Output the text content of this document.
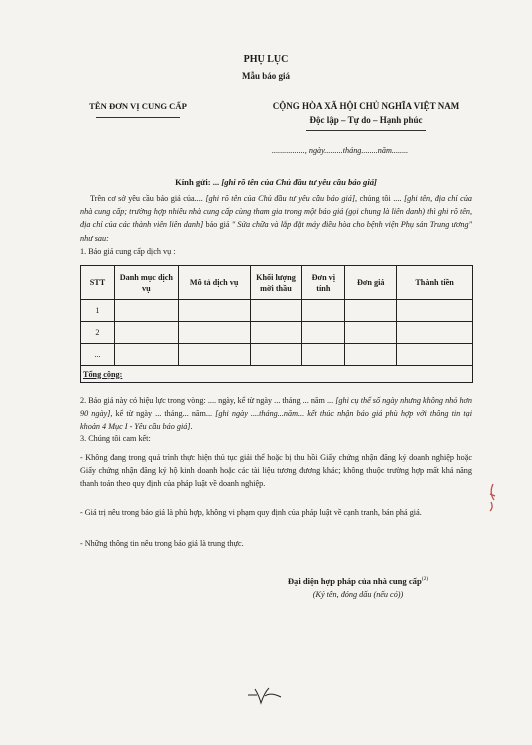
PHỤ LỤC
Mẫu báo giá
TÊN ĐƠN VỊ CUNG CẤP	CỘNG HÒA XÃ HỘI CHỦ NGHĨA VIỆT NAM
Độc lập – Tự do – Hạnh phúc
................, ngày.........tháng........năm........
Kính gửi: ... [ghi rõ tên của Chủ đầu tư yêu cầu báo giá]

Trên cơ sở yêu cầu báo giá của.... [ghi rõ tên của Chủ đầu tư yêu cầu báo giá], chúng tôi .... [ghi tên, địa chỉ của nhà cung cấp; trường hợp nhiều nhà cung cấp cùng tham gia trong một báo giá (gọi chung là liên danh) thì ghi rõ tên, địa chỉ của các thành viên liên danh] báo giá " Sửa chữa và lắp đặt máy điều hòa cho bệnh viện Phụ sản Trung ương" như sau:

1. Báo giá cung cấp dịch vụ :
STT	Danh mục dịch vụ	Mô tả dịch vụ	Khối lượng mời thầu	Đơn vị tính	Đơn giá	Thành tiền
1						
2						
...						
Tổng cộng:						

2. Báo giá này có hiệu lực trong vòng: .... ngày, kể từ ngày ... tháng ... năm ... [ghi cụ thể số ngày nhưng không nhỏ hơn 90 ngày], kể từ ngày ... tháng... năm... [ghi ngày ....tháng...năm... kết thúc nhận báo giá phù hợp với thông tin tại khoản 4 Mục I - Yêu cầu báo giá].

3. Chúng tôi cam kết:

- Không đang trong quá trình thực hiện thủ tục giải thể hoặc bị thu hồi Giấy chứng nhận đăng ký doanh nghiệp hoặc Giấy chứng nhận đăng ký hộ kinh doanh hoặc các tài liệu tương đương khác; không thuộc trường hợp mất khả năng thanh toán theo quy định của pháp luật về doanh nghiệp.

- Giá trị nêu trong báo giá là phù hợp, không vi phạm quy định của pháp luật về cạnh tranh, bán phá giá.

- Những thông tin nêu trong báo giá là trung thực.

Đại diện hợp pháp của nhà cung cấp$^{(2)}$
(Ký tên, đóng dấu (nếu có))
